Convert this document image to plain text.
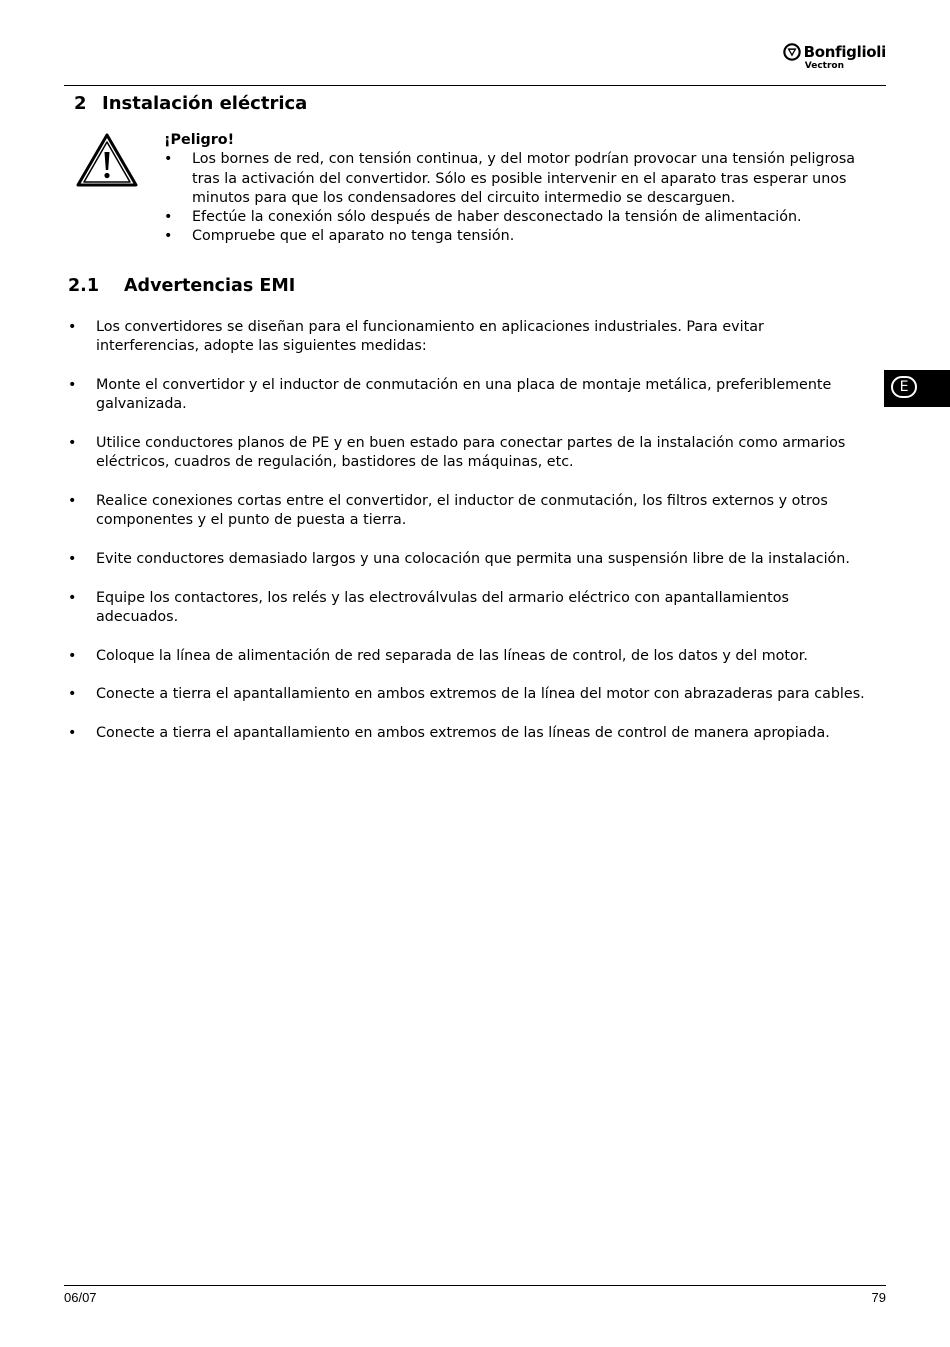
Bonfiglioli
Vectron
2 Instalación eléctrica
¡Peligro!
• Los bornes de red, con tensión continua, y del motor podrían provocar una tensión peligrosa tras la activación del convertidor. Sólo es posible intervenir en el aparato tras esperar unos minutos para que los condensadores del circuito intermedio se descarguen.
• Efectúe la conexión sólo después de haber desconectado la tensión de alimentación.
• Compruebe que el aparato no tenga tensión.
2.1 Advertencias EMI
• Los convertidores se diseñan para el funcionamiento en aplicaciones industriales. Para evitar interferencias, adopte las siguientes medidas:
• Monte el convertidor y el inductor de conmutación en una placa de montaje metálica, preferiblemente galvanizada.
• Utilice conductores planos de PE y en buen estado para conectar partes de la instalación como armarios eléctricos, cuadros de regulación, bastidores de las máquinas, etc.
• Realice conexiones cortas entre el convertidor, el inductor de conmutación, los filtros externos y otros componentes y el punto de puesta a tierra.
• Evite conductores demasiado largos y una colocación que permita una suspensión libre de la instalación.
• Equipe los contactores, los relés y las electroválvulas del armario eléctrico con apantallamientos adecuados.
• Coloque la línea de alimentación de red separada de las líneas de control, de los datos y del motor.
• Conecte a tierra el apantallamiento en ambos extremos de la línea del motor con abrazaderas para cables.
• Conecte a tierra el apantallamiento en ambos extremos de las líneas de control de manera apropiada.
E
06/07	79
